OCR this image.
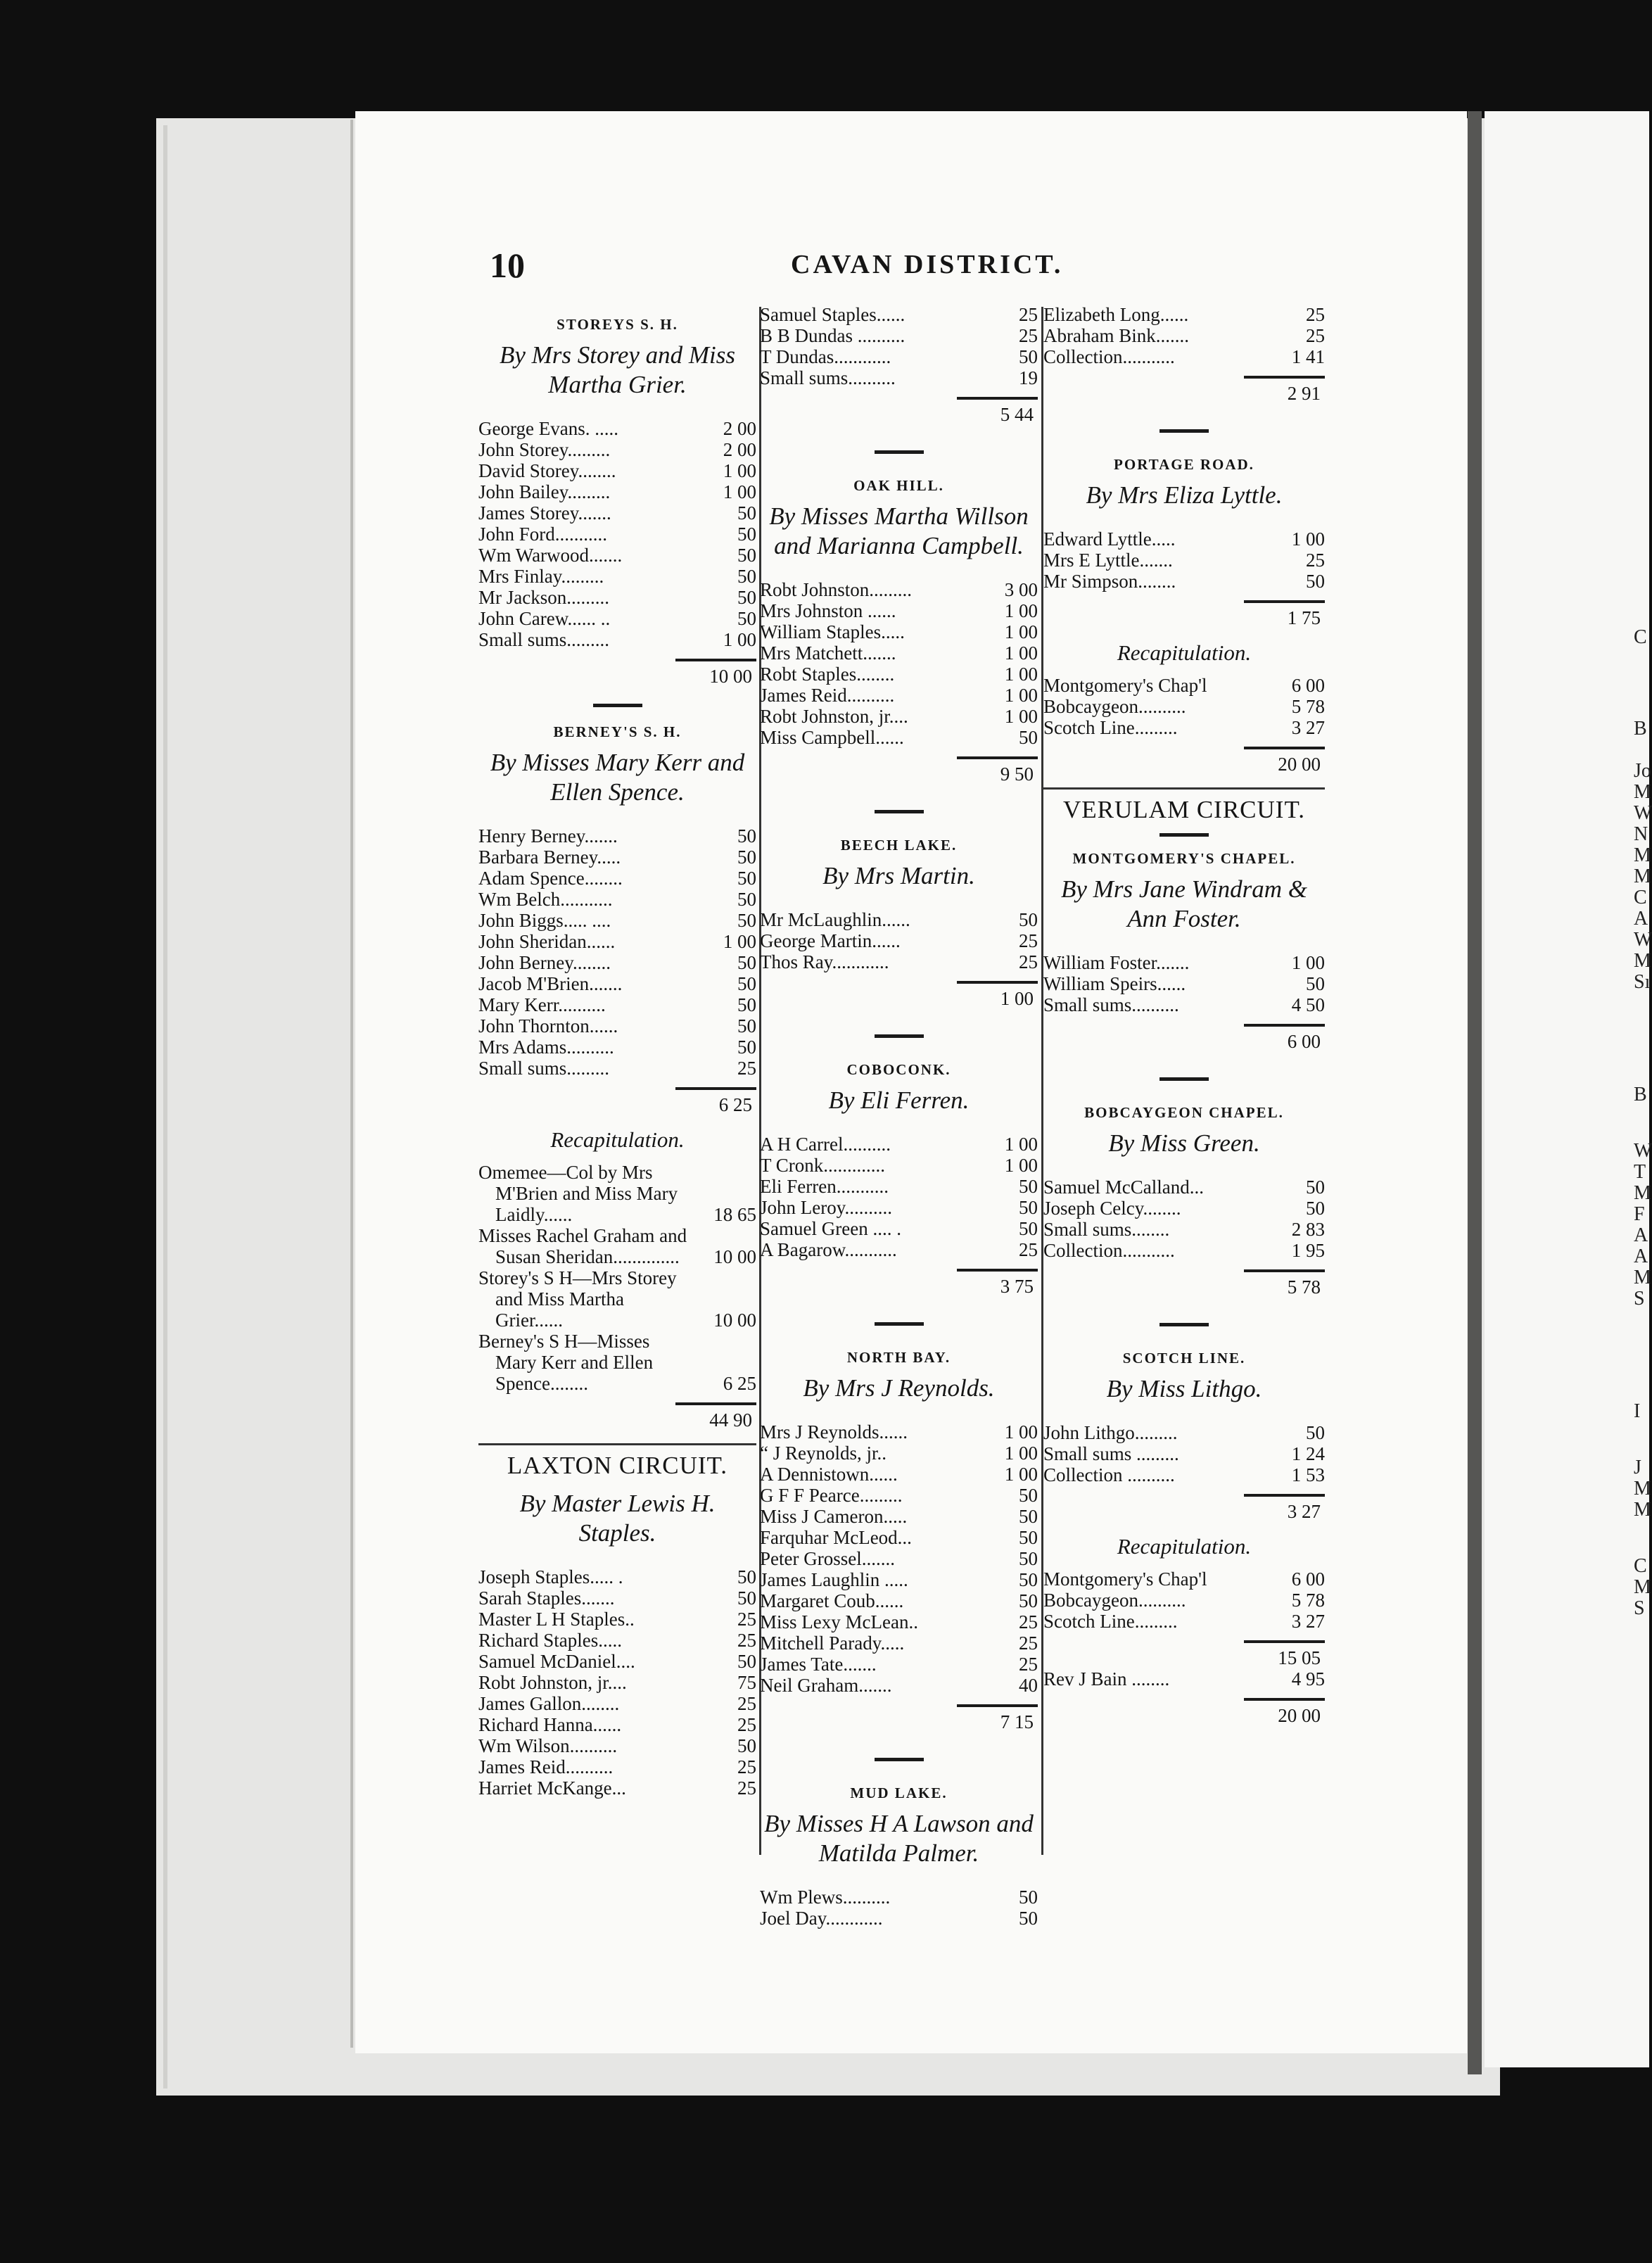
10	CAVAN DISTRICT.
STOREYS S. H.
By Mrs Storey and Miss Martha Grier.
George Evans. .....	2 00
John Storey.........	2 00
David Storey........	1 00
John Bailey.........	1 00
James Storey.......	50
John Ford...........	50
Wm Warwood.......	50
Mrs Finlay.........	50
Mr Jackson.........	50
John Carew...... ..	50
Small sums.........	1 00
10 00
BERNEY'S S. H.
By Misses Mary Kerr and Ellen Spence.
Henry Berney.......	50
Barbara Berney.....	50
Adam Spence........	50
Wm Belch...........	50
John Biggs..... ....	50
John Sheridan......	1 00
John Berney........	50
Jacob M'Brien.......	50
Mary Kerr..........	50
John Thornton......	50
Mrs Adams..........	50
Small sums.........	25
6 25
Recapitulation.
Omemee—Col by Mrs M'Brien and Miss Mary Laidly......	18 65
Misses Rachel Graham and Susan Sheridan..............	10 00
Storey's S H—Mrs Storey and Miss Martha Grier......	10 00
Berney's S H—Misses Mary Kerr and Ellen Spence........	6 25
44 90
LAXTON CIRCUIT.
By Master Lewis H. Staples.
Joseph Staples..... .	50
Sarah Staples.......	50
Master L H Staples..	25
Richard Staples.....	25
Samuel McDaniel....	50
Robt Johnston, jr....	75
James Gallon........	25
Richard Hanna......	25
Wm Wilson..........	50
James Reid..........	25
Harriet McKange...	25
Samuel Staples......	25
B B Dundas ..........	25
T Dundas............	50
Small sums..........	19
5 44
OAK HILL.
By Misses Martha Willson and Marianna Campbell.
Robt Johnston.........	3 00
Mrs Johnston ......	1 00
William Staples.....	1 00
Mrs Matchett.......	1 00
Robt Staples........	1 00
James Reid..........	1 00
Robt Johnston, jr....	1 00
Miss Campbell......	50
9 50
BEECH LAKE.
By Mrs Martin.
Mr McLaughlin......	50
George Martin......	25
Thos Ray............	25
1 00
COBOCONK.
By Eli Ferren.
A H Carrel..........	1 00
T Cronk.............	1 00
Eli Ferren...........	50
John Leroy..........	50
Samuel Green .... .	50
A Bagarow...........	25
3 75
NORTH BAY.
By Mrs J Reynolds.
Mrs J Reynolds......	1 00
“ J Reynolds, jr..	1 00
A Dennistown......	1 00
G F F Pearce.........	50
Miss J Cameron.....	50
Farquhar McLeod...	50
Peter Grossel.......	50
James Laughlin .....	50
Margaret Coub......	50
Miss Lexy McLean..	25
Mitchell Parady.....	25
James Tate.......	25
Neil Graham.......	40
7 15
MUD LAKE.
By Misses H A Lawson and Matilda Palmer.
Wm Plews..........	50
Joel Day............	50
Elizabeth Long......	25
Abraham Bink.......	25
Collection...........	1 41
2 91
PORTAGE ROAD.
By Mrs Eliza Lyttle.
Edward Lyttle.....	1 00
Mrs E Lyttle.......	25
Mr Simpson........	50
1 75
Recapitulation.
Montgomery's Chap'l	6 00
Bobcaygeon..........	5 78
Scotch Line.........	3 27
20 00
VERULAM CIRCUIT.
MONTGOMERY'S CHAPEL.
By Mrs Jane Windram & Ann Foster.
William Foster.......	1 00
William Speirs......	50
Small sums..........	4 50
6 00
BOBCAYGEON CHAPEL.
By Miss Green.
Samuel McCalland...	50
Joseph Celcy........	50
Small sums........	2 83
Collection...........	1 95
5 78
SCOTCH LINE.
By Miss Lithgo.
John Lithgo.........	50
Small sums .........	1 24
Collection ..........	1 53
3 27
Recapitulation.
Montgomery's Chap'l	6 00
Bobcaygeon..........	5 78
Scotch Line.........	3 27
15 05
Rev J Bain ........	4 95
20 00
C
B
Jo
M
W
N
M
M
C
A
W
M
Sı
B
W
T
M
F
A
A
M
S
I
J
M
M
C
M
S
